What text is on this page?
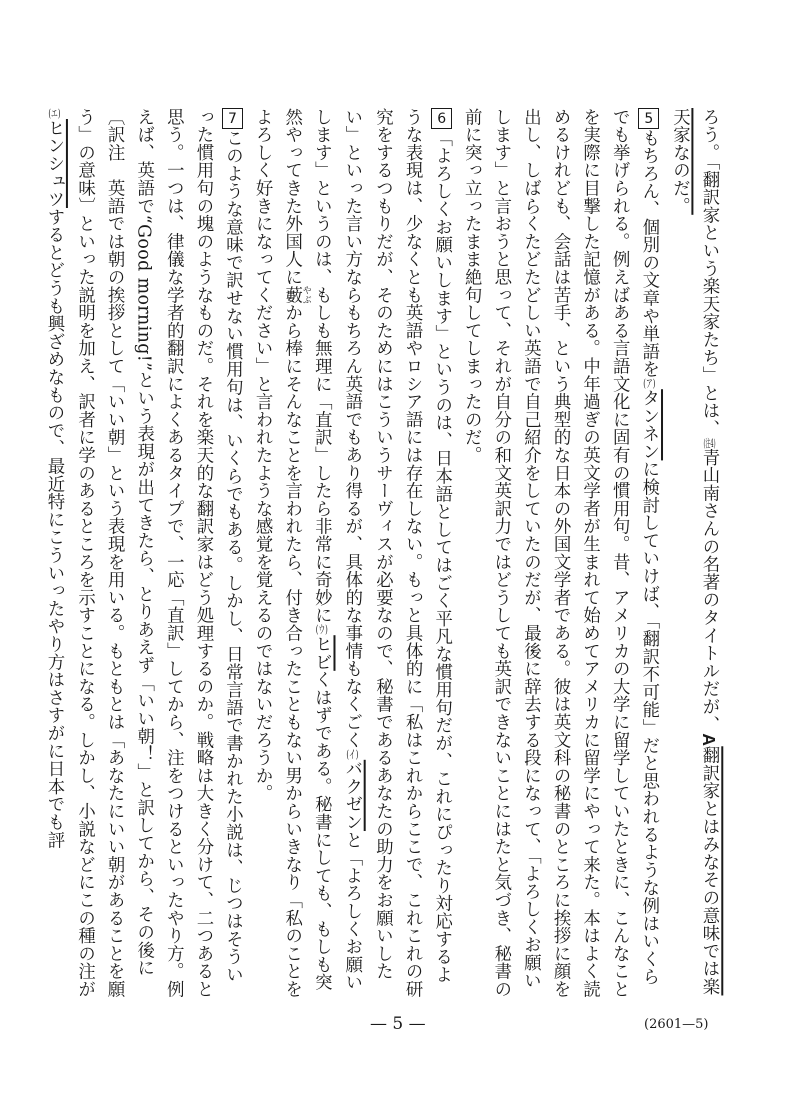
ろう。「翻訳家という楽天家たち」とは、(注4)青山南さんの名著のタイトルだが、A翻訳家とはみなその意味では楽天家なのだ。

5もちろん、個別の文章や単語を(ア)タンネンに検討していけば、「翻訳不可能」だと思われるような例はいくらでも挙げられる。例えばある言語文化に固有の慣用句。昔、アメリカの大学に留学していたときに、こんなことを実際に目撃した記憶がある。中年過ぎの英文学者が生まれて始めてアメリカに留学にやって来た。本はよく読めるけれども、会話は苦手、という典型的な日本の外国文学者である。彼は英文科の秘書のところに挨拶に顔を出し、しばらくたどたどしい英語で自己紹介をしていたのだが、最後に辞去する段になって、「よろしくお願いします」と言おうと思って、それが自分の和文英訳力ではどうしても英訳できないことにはたと気づき、秘書の前に突っ立ったまま絶句してしまったのだ。

6「よろしくお願いします」というのは、日本語としてはごく平凡な慣用句だが、これにぴったり対応するような表現は、少なくとも英語やロシア語には存在しない。もっと具体的に「私はこれからここで、これこれの研究をするつもりだが、そのためにはこういうサーヴィスが必要なので、秘書であるあなたの助力をお願いしたい」といった言い方ならもちろん英語でもあり得るが、具体的な事情もなくごく(イ)バクゼンと「よろしくお願いします」というのは、もしも無理に「直訳」したら非常に奇妙に(ウ)ヒビくはずである。秘書にしても、もしも突然やってきた外国人に藪 やぶから棒にそんなことを言われたら、付き合ったこともない男からいきなり「私のことをよろしく好きになってください」と言われたような感覚を覚えるのではないだろうか。

7このような意味で訳せない慣用句は、いくらでもある。しかし、日常言語で書かれた小説は、じつはそういった慣用句の塊のようなものだ。それを楽天的な翻訳家はどう処理するのか。戦略は大きく分けて、二つあると思う。一つは、律儀な学者的翻訳によくあるタイプで、一応「直訳」してから、注をつけるといったやり方。例えば、英語で“Good morning!”という表現が出てきたら、とりあえず「いい朝！」と訳してから、その後に〔訳注　英語では朝の挨拶として「いい朝」という表現を用いる。もともとは「あなたにいい朝があることを願う」の意味〕といった説明を加え、訳者に学のあるところを示すことになる。しかし、小説などにこの種の注が(エ)ヒンシュツするとどうも興ざめなもので、最近特にこういったやり方はさすがに日本でも評

— 5 —	(2601—5)
